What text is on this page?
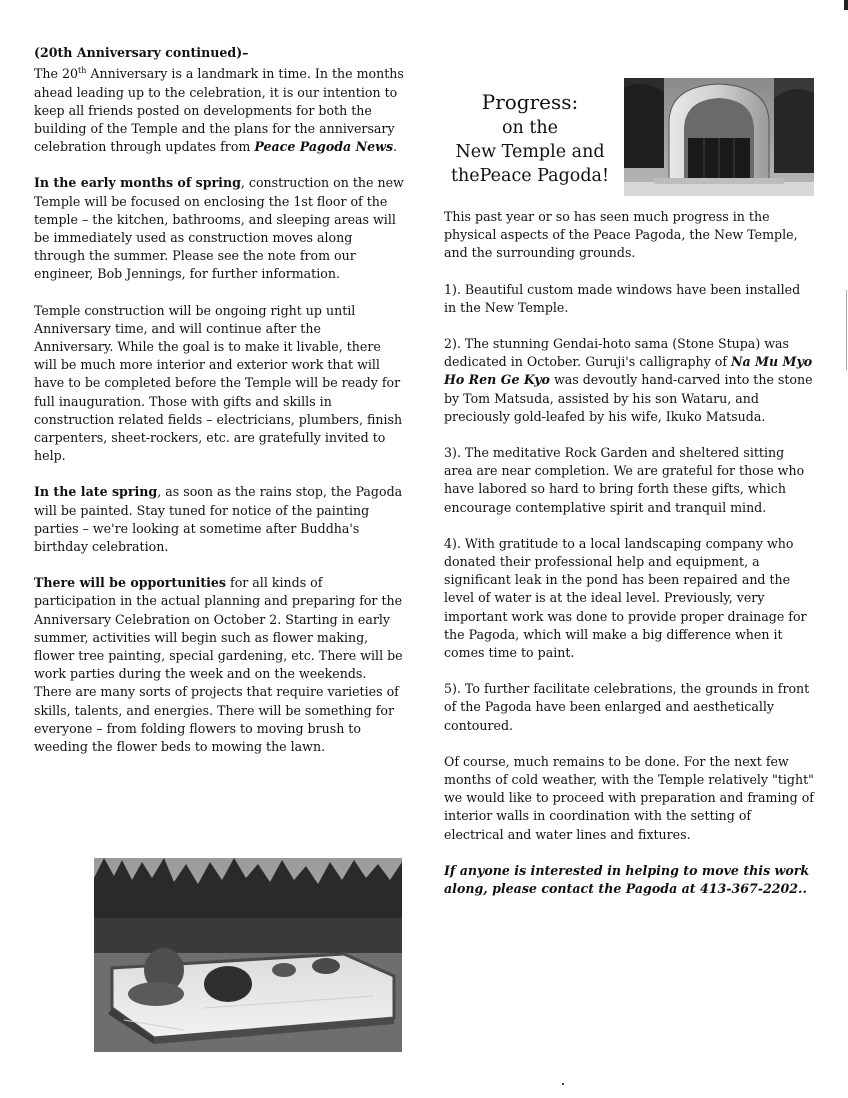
(20th Anniversary continued)–

The 20th Anniversary is a landmark in time. In the months ahead leading up to the celebration, it is our intention to keep all friends posted on developments for both the building of the Temple and the plans for the anniversary celebration through updates from Peace Pagoda News.

In the early months of spring, construction on the new Temple will be focused on enclosing the 1st floor of the temple – the kitchen, bathrooms, and sleeping areas will be immediately used as construction moves along through the summer. Please see the note from our engineer, Bob Jennings, for further information.

Temple construction will be ongoing right up until Anniversary time, and will continue after the Anniversary. While the goal is to make it livable, there will be much more interior and exterior work that will have to be completed before the Temple will be ready for full inauguration. Those with gifts and skills in construction related fields – electricians, plumbers, finish carpenters, sheet-rockers, etc. are gratefully invited to help.

In the late spring, as soon as the rains stop, the Pagoda will be painted. Stay tuned for notice of the painting parties – we're looking at sometime after Buddha's birthday celebration.

There will be opportunities for all kinds of participation in the actual planning and preparing for the Anniversary Celebration on October 2. Starting in early summer, activities will begin such as flower making, flower tree painting, special gardening, etc. There will be work parties during the week and on the weekends. There are many sorts of projects that require varieties of skills, talents, and energies. There will be something for everyone – from folding flowers to moving brush to weeding the flower beds to mowing the lawn.

Progress:
on the
New Temple and
thePeace Pagoda!

This past year or so has seen much progress in the physical aspects of the Peace Pagoda, the New Temple, and the surrounding grounds.

1). Beautiful custom made windows have been installed in the New Temple.

2). The stunning Gendai-hoto sama (Stone Stupa) was dedicated in October. Guruji's calligraphy of Na Mu Myo Ho Ren Ge Kyo was devoutly hand-carved into the stone by Tom Matsuda, assisted by his son Wataru, and preciously gold-leafed by his wife, Ikuko Matsuda.

3). The meditative Rock Garden and sheltered sitting area are near completion. We are grateful for those who have labored so hard to bring forth these gifts, which encourage contemplative spirit and tranquil mind.

4). With gratitude to a local landscaping company who donated their professional help and equipment, a significant leak in the pond has been repaired and the level of water is at the ideal level. Previously, very important work was done to provide proper drainage for the Pagoda, which will make a big difference when it comes time to paint.

5). To further facilitate celebrations, the grounds in front of the Pagoda have been enlarged and aesthetically contoured.

Of course, much remains to be done. For the next few months of cold weather, with the Temple relatively "tight" we would like to proceed with preparation and framing of interior walls in coordination with the setting of electrical and water lines and fixtures.

If anyone is interested in helping to move this work along, please contact the Pagoda at 413-367-2202..
